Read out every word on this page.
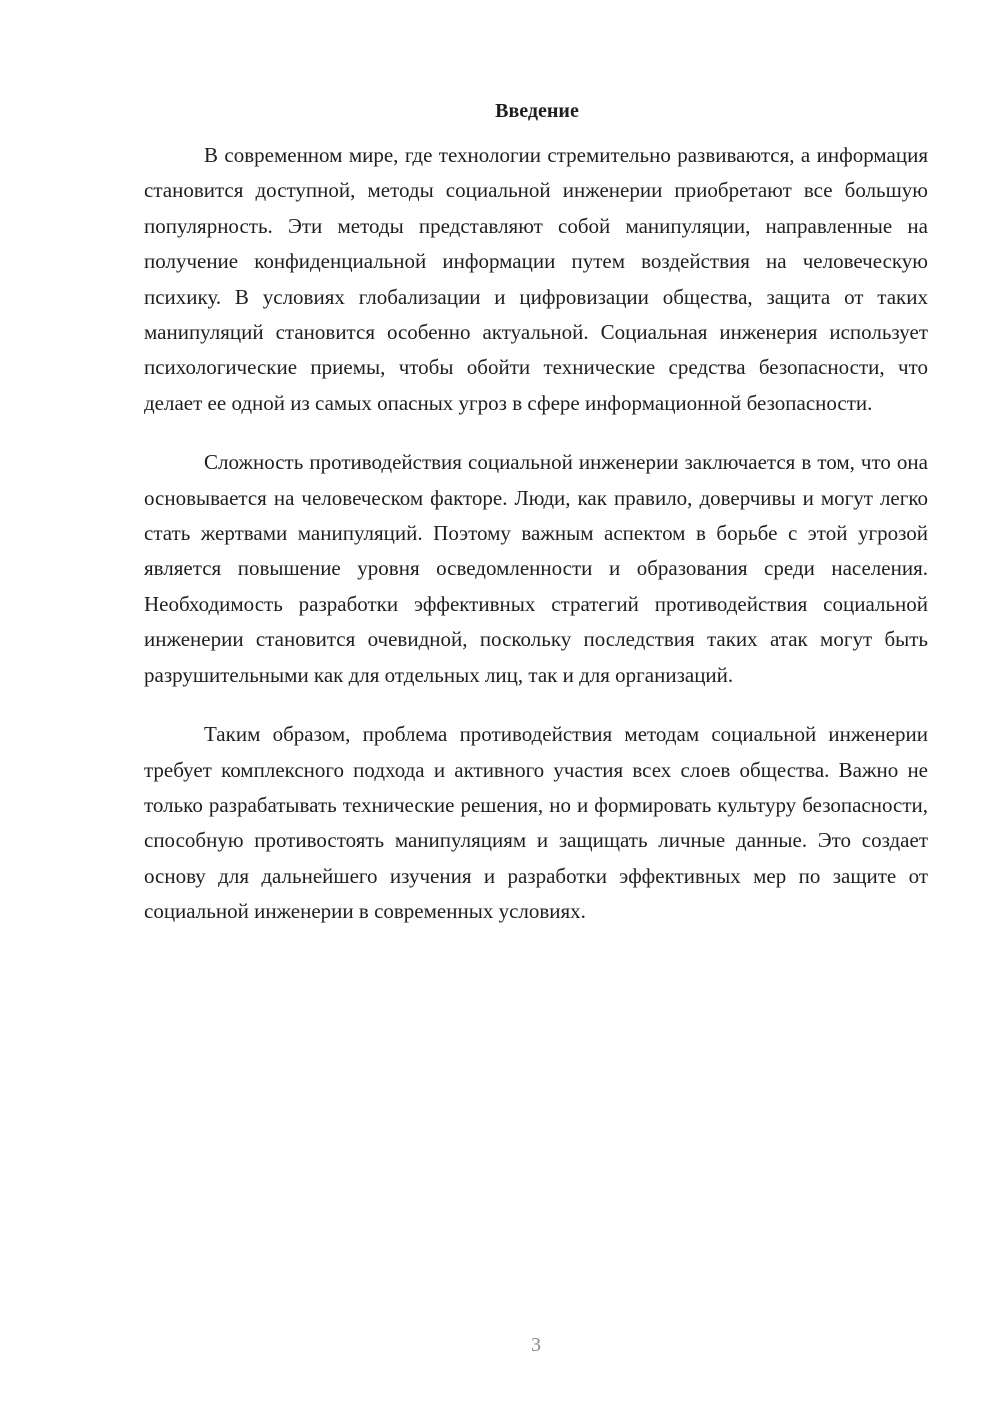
Введение

В современном мире, где технологии стремительно развиваются, а информация становится доступной, методы социальной инженерии приобретают все большую популярность. Эти методы представляют собой манипуляции, направленные на получение конфиденциальной информации путем воздействия на человеческую психику. В условиях глобализации и цифровизации общества, защита от таких манипуляций становится особенно актуальной. Социальная инженерия использует психологические приемы, чтобы обойти технические средства безопасности, что делает ее одной из самых опасных угроз в сфере информационной безопасности.

Сложность противодействия социальной инженерии заключается в том, что она основывается на человеческом факторе. Люди, как правило, доверчивы и могут легко стать жертвами манипуляций. Поэтому важным аспектом в борьбе с этой угрозой является повышение уровня осведомленности и образования среди населения. Необходимость разработки эффективных стратегий противодействия социальной инженерии становится очевидной, поскольку последствия таких атак могут быть разрушительными как для отдельных лиц, так и для организаций.

Таким образом, проблема противодействия методам социальной инженерии требует комплексного подхода и активного участия всех слоев общества. Важно не только разрабатывать технические решения, но и формировать культуру безопасности, способную противостоять манипуляциям и защищать личные данные. Это создает основу для дальнейшего изучения и разработки эффективных мер по защите от социальной инженерии в современных условиях.

3
